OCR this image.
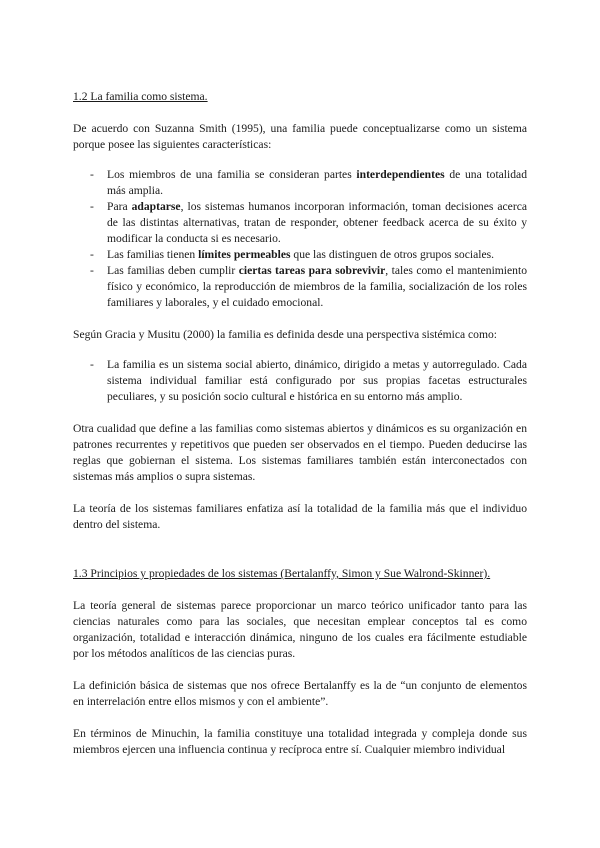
1.2 La familia como sistema.

De acuerdo con Suzanna Smith (1995), una familia puede conceptualizarse como un sistema porque posee las siguientes características:

- Los miembros de una familia se consideran partes interdependientes de una totalidad más amplia.
- Para adaptarse, los sistemas humanos incorporan información, toman decisiones acerca de las distintas alternativas, tratan de responder, obtener feedback acerca de su éxito y modificar la conducta si es necesario.
- Las familias tienen límites permeables que las distinguen de otros grupos sociales.
- Las familias deben cumplir ciertas tareas para sobrevivir, tales como el mantenimiento físico y económico, la reproducción de miembros de la familia, socialización de los roles familiares y laborales, y el cuidado emocional.

Según Gracia y Musitu (2000) la familia es definida desde una perspectiva sistémica como:

- La familia es un sistema social abierto, dinámico, dirigido a metas y autorregulado. Cada sistema individual familiar está configurado por sus propias facetas estructurales peculiares, y su posición socio cultural e histórica en su entorno más amplio.

Otra cualidad que define a las familias como sistemas abiertos y dinámicos es su organización en patrones recurrentes y repetitivos que pueden ser observados en el tiempo. Pueden deducirse las reglas que gobiernan el sistema. Los sistemas familiares también están interconectados con sistemas más amplios o supra sistemas.

La teoría de los sistemas familiares enfatiza así la totalidad de la familia más que el individuo dentro del sistema.

1.3 Principios y propiedades de los sistemas (Bertalanffy, Simon y Sue Walrond-Skinner).

La teoría general de sistemas parece proporcionar un marco teórico unificador tanto para las ciencias naturales como para las sociales, que necesitan emplear conceptos tal es como organización, totalidad e interacción dinámica, ninguno de los cuales era fácilmente estudiable por los métodos analíticos de las ciencias puras.

La definición básica de sistemas que nos ofrece Bertalanffy es la de “un conjunto de elementos en interrelación entre ellos mismos y con el ambiente”.

En términos de Minuchin, la familia constituye una totalidad integrada y compleja donde sus miembros ejercen una influencia continua y recíproca entre sí. Cualquier miembro individual
